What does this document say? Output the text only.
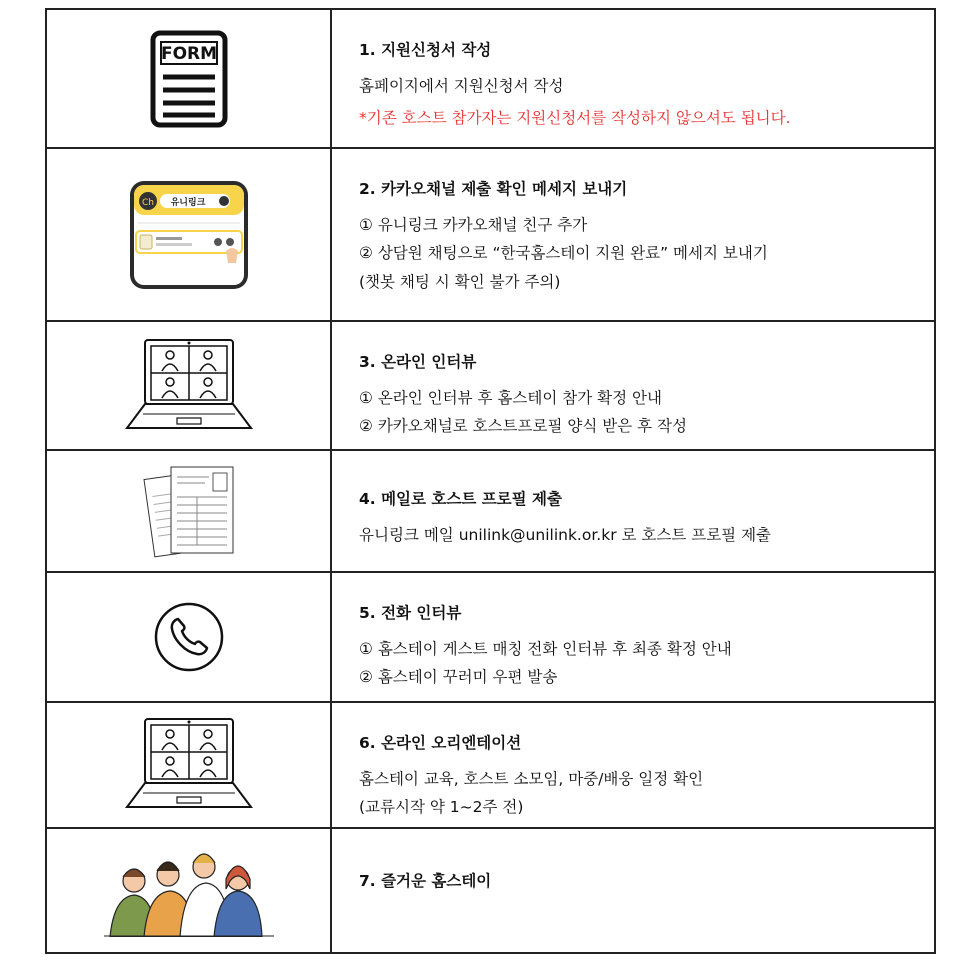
FORM	1. 지원신청서 작성
홈페이지에서 지원신청서 작성
*기존 호스트 참가자는 지원신청서를 작성하지 않으셔도 됩니다.
Ch 유니링크
2. 카카오채널 제출 확인 메세지 보내기
① 유니링크 카카오채널 친구 추가
② 상담원 채팅으로 “한국홈스테이 지원 완료” 메세지 보내기
(챗봇 채팅 시 확인 불가 주의)
3. 온라인 인터뷰
① 온라인 인터뷰 후 홈스테이 참가 확정 안내
② 카카오채널로 호스트프로필 양식 받은 후 작성
4. 메일로 호스트 프로필 제출
유니링크 메일 unilink@unilink.or.kr 로 호스트 프로필 제출
5. 전화 인터뷰
① 홈스테이 게스트 매칭 전화 인터뷰 후 최종 확정 안내
② 홈스테이 꾸러미 우편 발송
6. 온라인 오리엔테이션
홈스테이 교육, 호스트 소모임, 마중/배웅 일정 확인
(교류시작 약 1~2주 전)
7. 즐거운 홈스테이
